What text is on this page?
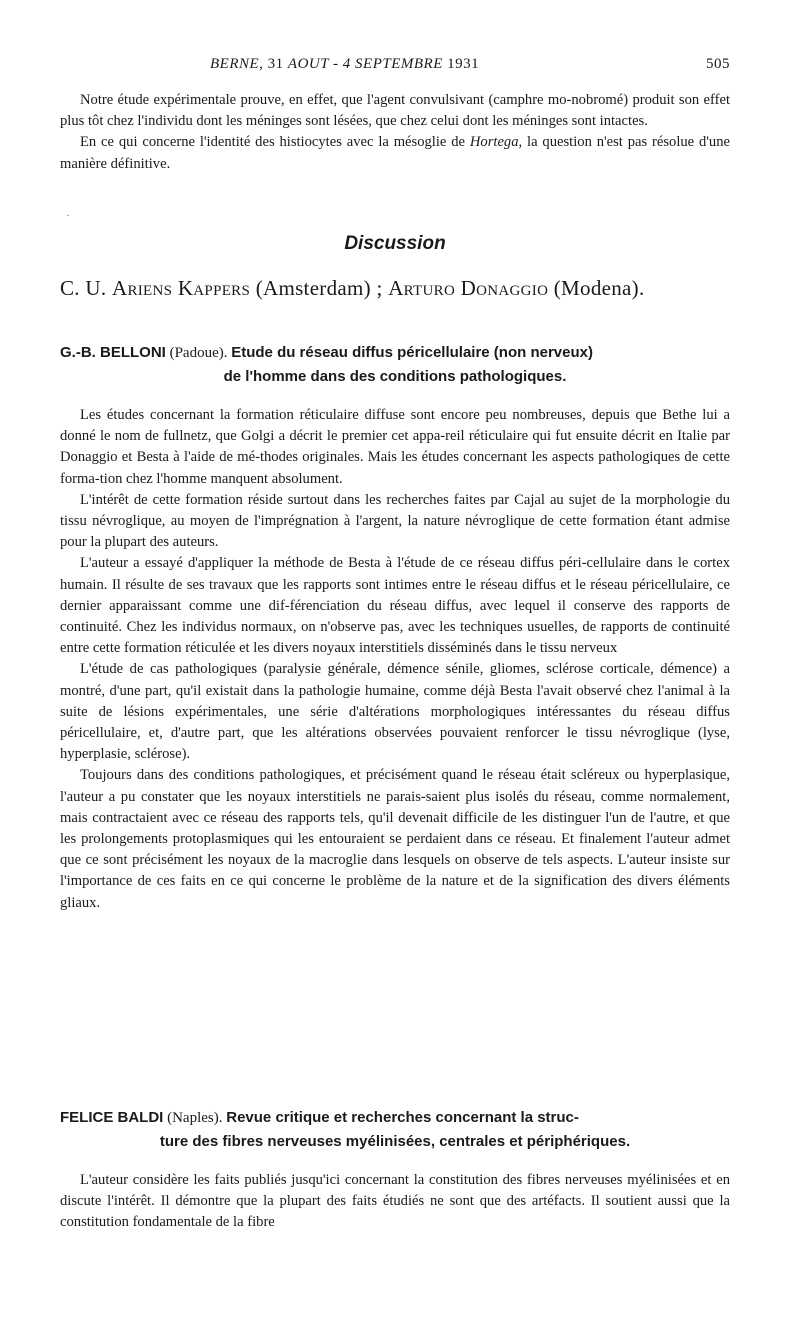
BERNE, 31 AOUT - 4 SEPTEMBRE 1931	505

Notre étude expérimentale prouve, en effet, que l'agent convulsivant (camphre mo-nobromé) produit son effet plus tôt chez l'individu dont les méninges sont lésées, que chez celui dont les méninges sont intactes.

En ce qui concerne l'identité des histiocytes avec la mésoglie de Hortega, la question n'est pas résolue d'une manière définitive.

·
Discussion
C. U. Ariens Kappers (Amsterdam) ; Arturo Donaggio (Modena).
G.-B. BELLONI (Padoue). Etude du réseau diffus péricellulaire (non nerveux)
de l'homme dans des conditions pathologiques.

Les études concernant la formation réticulaire diffuse sont encore peu nombreuses, depuis que Bethe lui a donné le nom de fullnetz, que Golgi a décrit le premier cet appa-reil réticulaire qui fut ensuite décrit en Italie par Donaggio et Besta à l'aide de mé-thodes originales. Mais les études concernant les aspects pathologiques de cette forma-tion chez l'homme manquent absolument.

L'intérêt de cette formation réside surtout dans les recherches faites par Cajal au sujet de la morphologie du tissu névroglique, au moyen de l'imprégnation à l'argent, la nature névroglique de cette formation étant admise pour la plupart des auteurs.

L'auteur a essayé d'appliquer la méthode de Besta à l'étude de ce réseau diffus péri-cellulaire dans le cortex humain. Il résulte de ses travaux que les rapports sont intimes entre le réseau diffus et le réseau péricellulaire, ce dernier apparaissant comme une dif-férenciation du réseau diffus, avec lequel il conserve des rapports de continuité. Chez les individus normaux, on n'observe pas, avec les techniques usuelles, de rapports de continuité entre cette formation réticulée et les divers noyaux interstitiels disséminés dans le tissu nerveux

L'étude de cas pathologiques (paralysie générale, démence sénile, gliomes, sclérose corticale, démence) a montré, d'une part, qu'il existait dans la pathologie humaine, comme déjà Besta l'avait observé chez l'animal à la suite de lésions expérimentales, une série d'altérations morphologiques intéressantes du réseau diffus péricellulaire, et, d'autre part, que les altérations observées pouvaient renforcer le tissu névroglique (lyse, hyperplasie, sclérose).

Toujours dans des conditions pathologiques, et précisément quand le réseau était scléreux ou hyperplasique, l'auteur a pu constater que les noyaux interstitiels ne parais-saient plus isolés du réseau, comme normalement, mais contractaient avec ce réseau des rapports tels, qu'il devenait difficile de les distinguer l'un de l'autre, et que les prolongements protoplasmiques qui les entouraient se perdaient dans ce réseau. Et finalement l'auteur admet que ce sont précisément les noyaux de la macroglie dans lesquels on observe de tels aspects. L'auteur insiste sur l'importance de ces faits en ce qui concerne le problème de la nature et de la signification des divers éléments gliaux.

FELICE BALDI (Naples). Revue critique et recherches concernant la struc-
ture des fibres nerveuses myélinisées, centrales et périphériques.

L'auteur considère les faits publiés jusqu'ici concernant la constitution des fibres nerveuses myélinisées et en discute l'intérêt. Il démontre que la plupart des faits étudiés ne sont que des artéfacts. Il soutient aussi que la constitution fondamentale de la fibre
